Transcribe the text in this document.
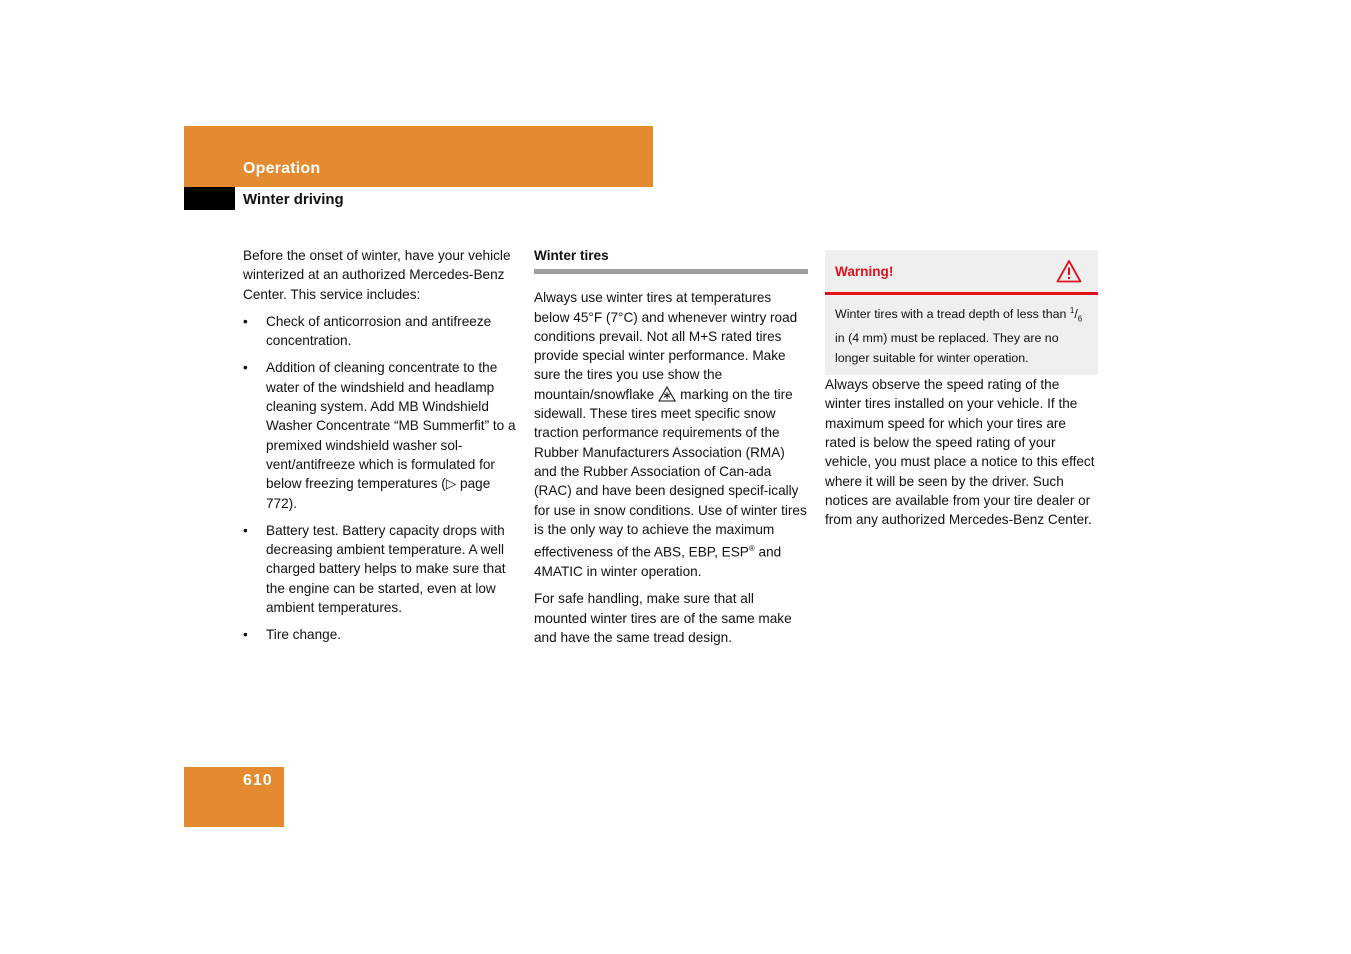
Operation
Winter driving

Before the onset of winter, have your vehicle winterized at an authorized Mercedes-Benz Center. This service includes:

• Check of anticorrosion and antifreeze concentration.
• Addition of cleaning concentrate to the water of the windshield and headlamp cleaning system. Add MB Windshield Washer Concentrate “MB Summerfit” to a premixed windshield washer sol-vent/antifreeze which is formulated for below freezing temperatures (▷ page 772).
• Battery test. Battery capacity drops with decreasing ambient temperature. A well charged battery helps to make sure that the engine can be started, even at low ambient temperatures.
• Tire change.
Winter tires

Always use winter tires at temperatures below 45°F (7°C) and whenever wintry road conditions prevail. Not all M+S rated tires provide special winter performance. Make sure the tires you use show the mountain/snowflake marking on the tire sidewall. These tires meet specific snow traction performance requirements of the Rubber Manufacturers Association (RMA) and the Rubber Association of Can-ada (RAC) and have been designed specif-ically for use in snow conditions. Use of winter tires is the only way to achieve the maximum effectiveness of the ABS, EBP, ESP® and 4MATIC in winter operation.

For safe handling, make sure that all mounted winter tires are of the same make and have the same tread design.

Warning!
Winter tires with a tread depth of less than $^1/_6$ in (4 mm) must be replaced. They are no longer suitable for winter operation.

Always observe the speed rating of the winter tires installed on your vehicle. If the maximum speed for which your tires are rated is below the speed rating of your vehicle, you must place a notice to this effect where it will be seen by the driver. Such notices are available from your tire dealer or from any authorized Mercedes-Benz Center.

610
